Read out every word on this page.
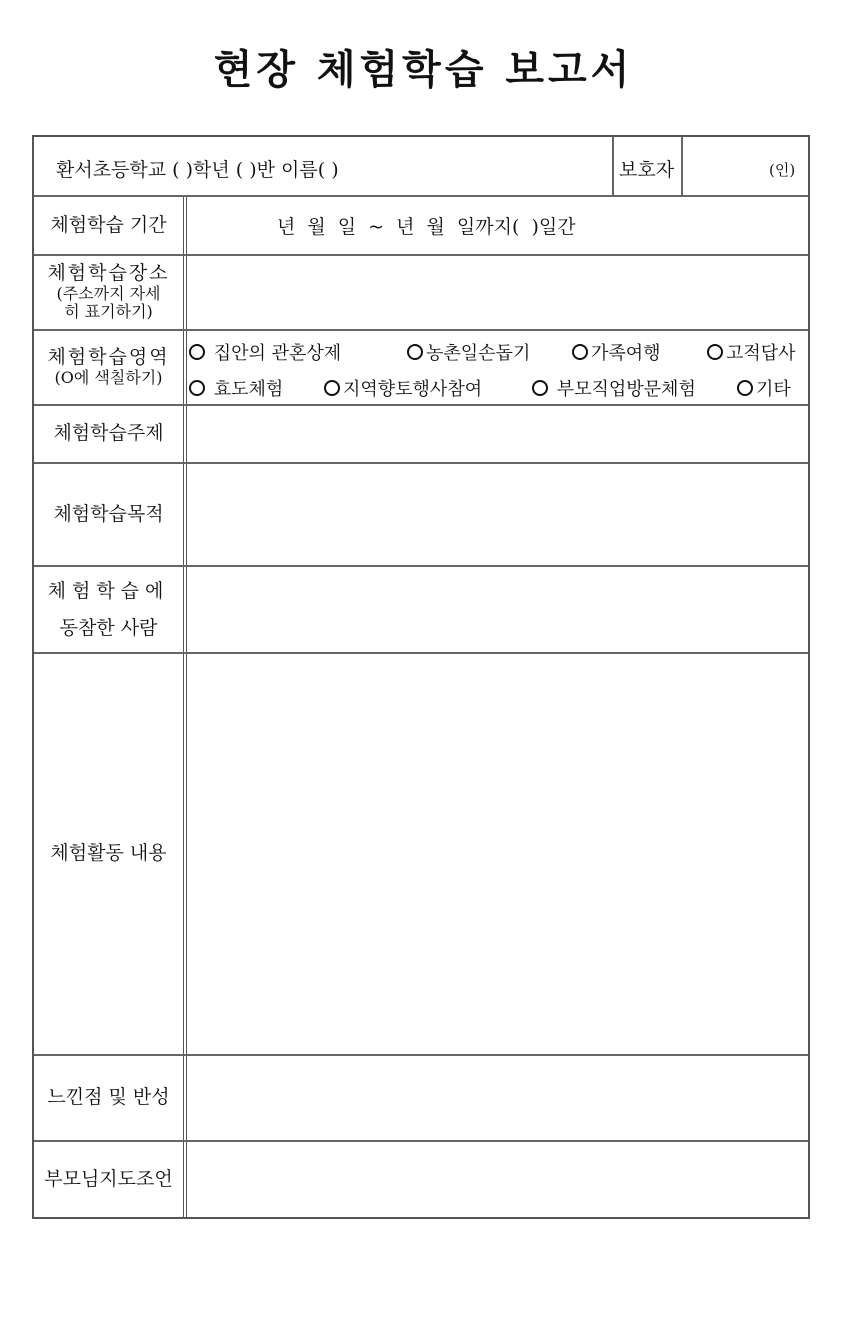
현장 체험학습 보고서
환서초등학교 ( )학년 ( )반 이름( )	보호자	(인)
체험학습 기간	년 월 일 ~ 년 월 일까지( )일간
체험학습장소
(주소까지 자세
히 표기하기)
체험학습영역
(O에 색칠하기)
집안의 관혼상제	농촌일손돕기	가족여행	고적답사
효도체험	지역향토행사참여	부모직업방문체험	기타
체험학습주제
체험학습목적
체험학습에
동참한 사람
체험활동 내용
느낀점 및 반성
부모님지도조언
